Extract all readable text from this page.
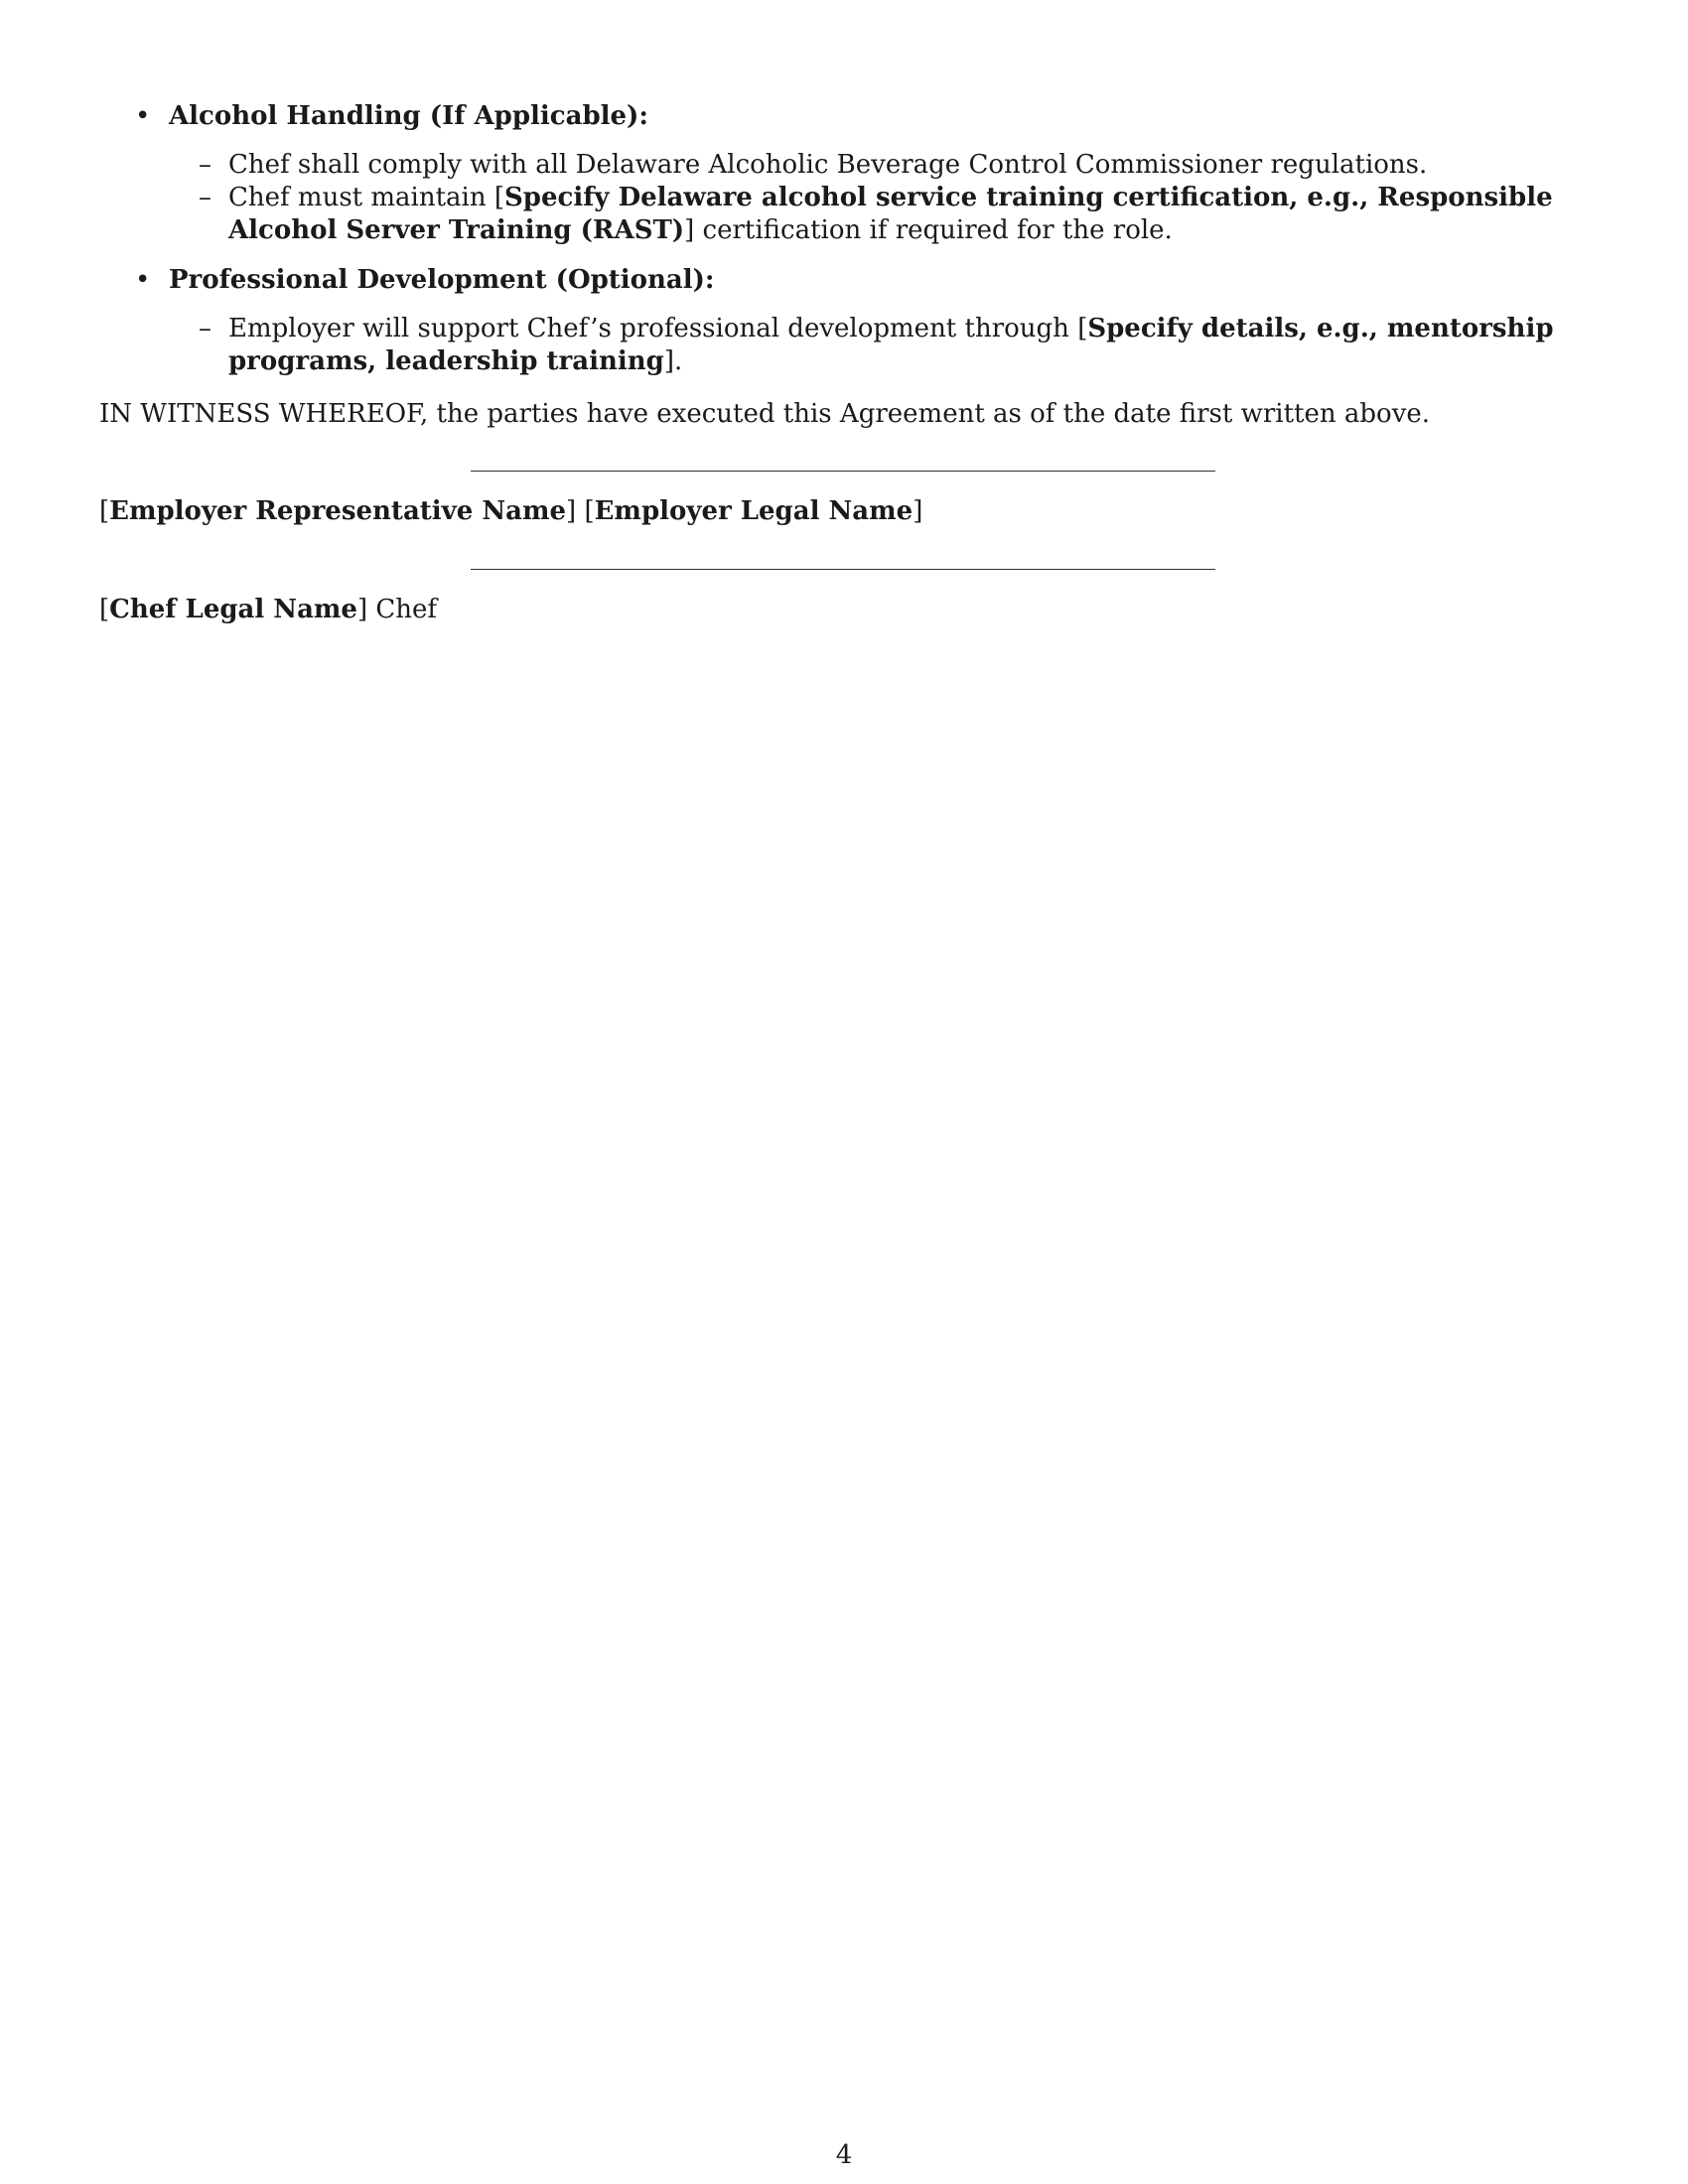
• Alcohol Handling (If Applicable):
– Chef shall comply with all Delaware Alcoholic Beverage Control Commissioner regulations.
– Chef must maintain [Specify Delaware alcohol service training certification, e.g., Responsible Alcohol Server Training (RAST)] certification if required for the role.
• Professional Development (Optional):
– Employer will support Chef’s professional development through [Specify details, e.g., mentorship programs, leadership training].
IN WITNESS WHEREOF, the parties have executed this Agreement as of the date first written above.
[Employer Representative Name] [Employer Legal Name]
[Chef Legal Name] Chef
4
